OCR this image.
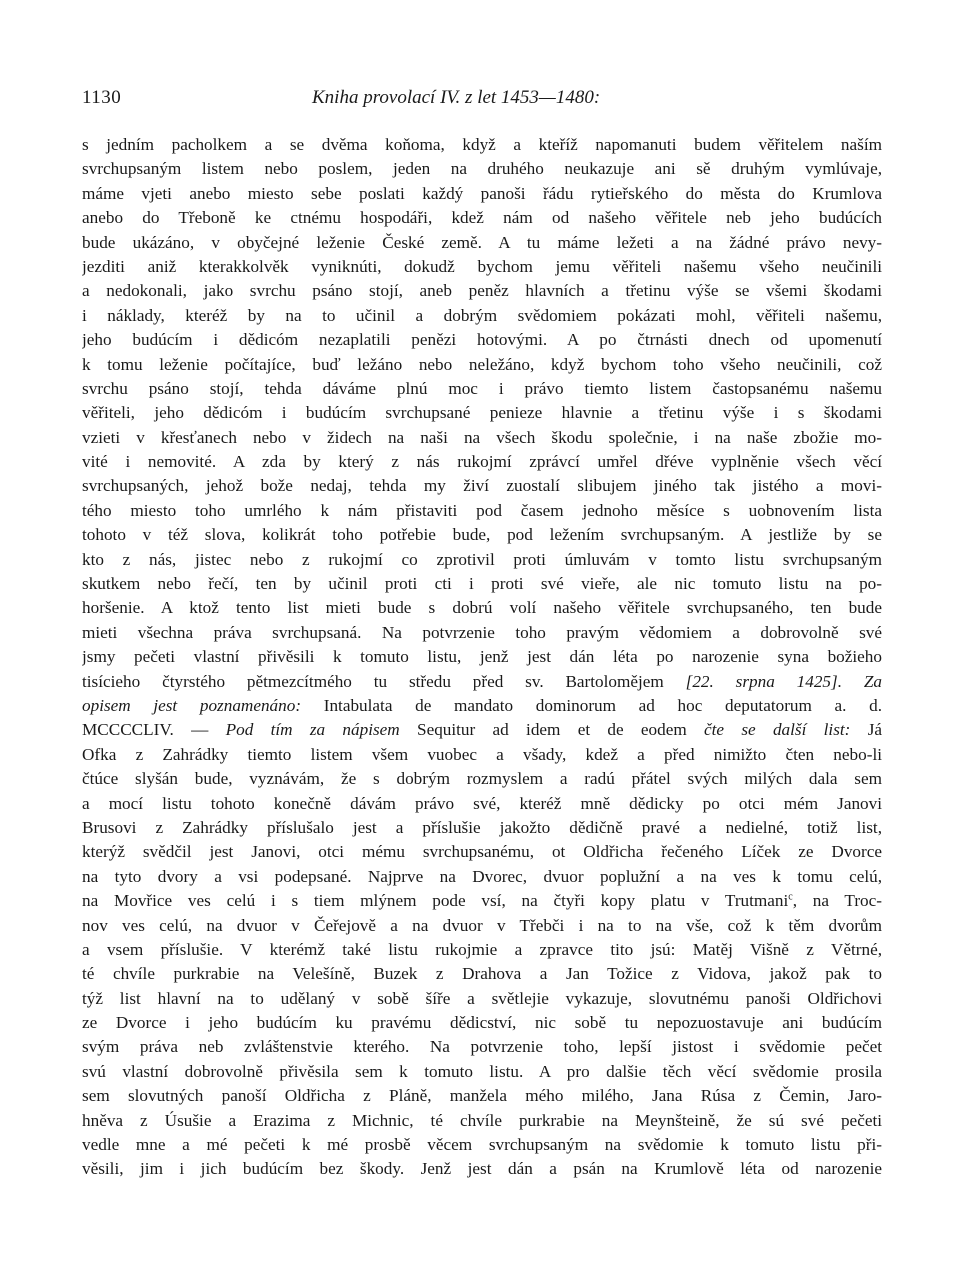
1130	Kniha provolací IV. z let 1453—1480:
s jedním pacholkem a se dvěma koňoma, když a kteříž napomanuti budem věřitelem naším
svrchupsaným listem nebo poslem, jeden na druhého neukazuje ani sě druhým vymlúvaje,
máme vjeti anebo miesto sebe poslati každý panoši řádu rytieřského do města do Krumlova
anebo do Třeboně ke ctnému hospodáři, kdež nám od našeho věřitele neb jeho budúcích
bude ukázáno, v obyčejné leženie České země. A tu máme ležeti a na žádné právo nevy-
jezditi aniž kterakkolvěk vyniknúti, dokudž bychom jemu věřiteli našemu všeho neučinili
a nedokonali, jako svrchu psáno stojí, aneb peněz hlavních a třetinu výše se všemi škodami
i náklady, kteréž by na to učinil a dobrým svědomiem pokázati mohl, věřiteli našemu,
jeho budúcím i dědicóm nezaplatili penězi hotovými. A po čtrnásti dnech od upomenutí
k tomu leženie počítajíce, buď ležáno nebo neležáno, když bychom toho všeho neučinili, což
svrchu psáno stojí, tehda dáváme plnú moc i právo tiemto listem častopsanému našemu
věřiteli, jeho dědicóm i budúcím svrchupsané penieze hlavnie a třetinu výše i s škodami
vzieti v křesťanech nebo v židech na naši na všech škodu společnie, i na naše zbožie mo-
vité i nemovité. A zda by který z nás rukojmí zprávcí umřel dřéve vyplněnie všech věcí
svrchupsaných, jehož bože nedaj, tehda my živí zuostalí slibujem jiného tak jistého a movi-
tého miesto toho umrlého k nám přistaviti pod časem jednoho měsíce s uobnovením lista
tohoto v též slova, kolikrát toho potřebie bude, pod ležením svrchupsaným. A jestliže by se
kto z nás, jistec nebo z rukojmí co zprotivil proti úmluvám v tomto listu svrchupsaným
skutkem nebo řečí, ten by učinil proti cti i proti své vieře, ale nic tomuto listu na po-
horšenie. A ktož tento list mieti bude s dobrú volí našeho věřitele svrchupsaného, ten bude
mieti všechna práva svrchupsaná. Na potvrzenie toho pravým vědomiem a dobrovolně své
jsmy pečeti vlastní přivěsili k tomuto listu, jenž jest dán léta po narozenie syna božieho
tisícieho čtyrstého pětmezcítmého tu středu před sv. Bartolomějem [22. srpna 1425]. Za
opisem jest poznamenáno: Intabulata de mandato dominorum ad hoc deputatorum a. d.
MCCCCLIV. — Pod tím za nápisem Sequitur ad idem et de eodem čte se další list: Já
Ofka z Zahrádky tiemto listem všem vuobec a všady, kdež a před nimižto čten nebo-li
čtúce slyšán bude, vyznávám, že s dobrým rozmyslem a radú přátel svých milých dala sem
a mocí listu tohoto konečně dávám právo své, kteréž mně dědicky po otci mém Janovi
Brusovi z Zahrádky příslušalo jest a příslušie jakožto dědičně pravé a nedielné, totiž list,
kterýž svědčil jest Janovi, otci mému svrchupsanému, ot Oldřicha řečeného Líček ze Dvorce
na tyto dvory a vsi podepsané. Najprve na Dvorec, dvuor poplužní a na ves k tomu celú,
na Movřice ves celú i s tiem mlýnem pode vsí, na čtyři kopy platu v Trutmani$^c$, na Troc-
nov ves celú, na dvuor v Čeřejově a na dvuor v Třebči i na to na vše, což k těm dvorům
a vsem příslušie. V kterémž také listu rukojmie a zpravce tito jsú: Matěj Višně z Větrné,
té chvíle purkrabie na Velešíně, Buzek z Drahova a Jan Tožice z Vidova, jakož pak to
týž list hlavní na to udělaný v sobě šíře a světlejie vykazuje, slovutnému panoši Oldřichovi
ze Dvorce i jeho budúcím ku pravému dědicství, nic sobě tu nepozuostavuje ani budúcím
svým práva neb zvláštenstvie kterého. Na potvrzenie toho, lepší jistost i svědomie pečet
svú vlastní dobrovolně přivěsila sem k tomuto listu. A pro dalšie těch věcí svědomie prosila
sem slovutných panoší Oldřicha z Pláně, manžela mého milého, Jana Rúsa z Čemin, Jaro-
hněva z Úsušie a Erazima z Michnic, té chvíle purkrabie na Meynšteině, že sú své pečeti
vedle mne a mé pečeti k mé prosbě věcem svrchupsaným na svědomie k tomuto listu při-
věsili, jim i jich budúcím bez škody. Jenž jest dán a psán na Krumlově léta od narozenie
